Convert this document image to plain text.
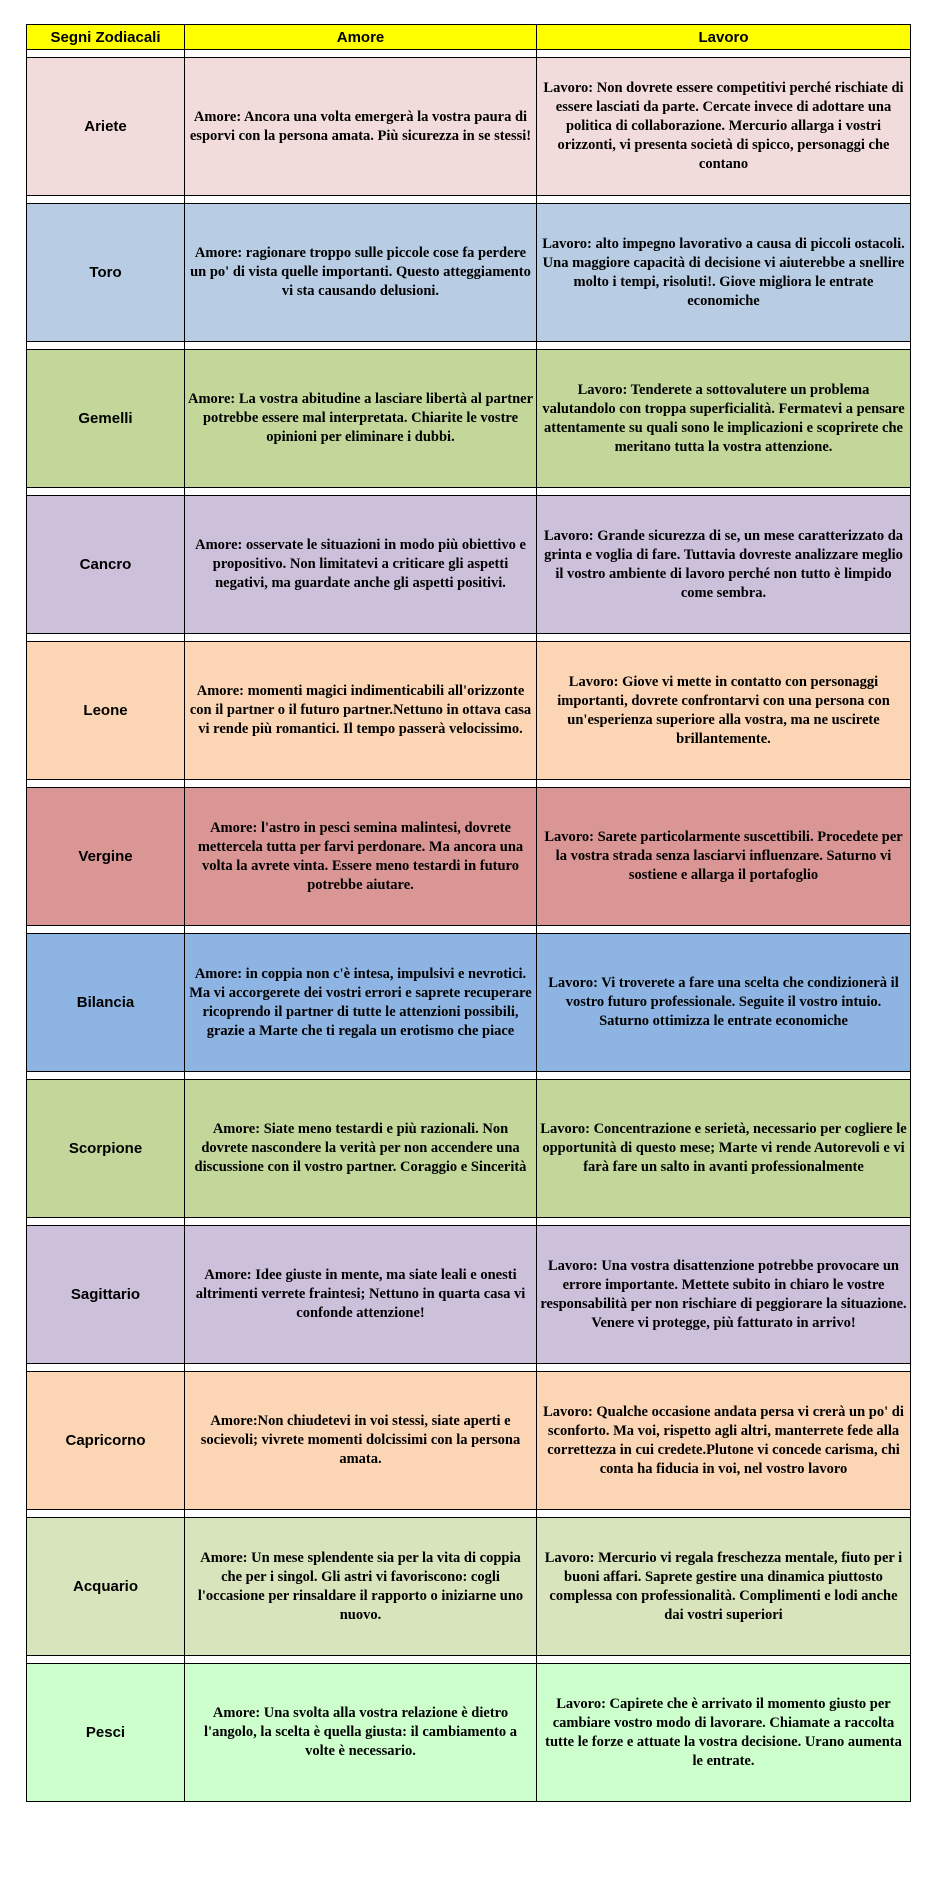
Segni Zodiacali	Amore	Lavoro

Ariete	Amore: Ancora una volta emergerà la vostra paura di esporvi con la persona amata. Più sicurezza in se stessi!	Lavoro: Non dovrete essere competitivi perché rischiate di essere lasciati da parte. Cercate invece di adottare una politica di collaborazione. Mercurio allarga i vostri orizzonti, vi presenta società di spicco, personaggi che contano

Toro	Amore: ragionare troppo sulle piccole cose fa perdere un po' di vista quelle importanti. Questo atteggiamento vi sta causando delusioni.	Lavoro: alto impegno lavorativo a causa di piccoli ostacoli. Una maggiore capacità di decisione vi aiuterebbe a snellire molto i tempi, risoluti!. Giove migliora le entrate economiche

Gemelli	Amore: La vostra abitudine a lasciare libertà al partner potrebbe essere mal interpretata. Chiarite le vostre opinioni per eliminare i dubbi.	Lavoro: Tenderete a sottovalutere un problema valutandolo con troppa superficialità. Fermatevi a pensare attentamente su quali sono le implicazioni e scoprirete che meritano tutta la vostra attenzione.

Cancro	Amore: osservate le situazioni in modo più obiettivo e propositivo. Non limitatevi a criticare gli aspetti negativi, ma guardate anche gli aspetti positivi.	Lavoro: Grande sicurezza di se, un mese caratterizzato da grinta e voglia di fare. Tuttavia dovreste analizzare meglio il vostro ambiente di lavoro perché non tutto è limpido come sembra.

Leone	Amore: momenti magici indimenticabili all'orizzonte con il partner o il futuro partner.Nettuno in ottava casa vi rende più romantici. Il tempo passerà velocissimo.	Lavoro: Giove vi mette in contatto con personaggi importanti, dovrete confrontarvi con una persona con un'esperienza superiore alla vostra, ma ne uscirete brillantemente.

Vergine	Amore: l'astro in pesci semina malintesi, dovrete mettercela tutta per farvi perdonare. Ma ancora una volta la avrete vinta. Essere meno testardi in futuro potrebbe aiutare.	Lavoro: Sarete particolarmente suscettibili. Procedete per la vostra strada senza lasciarvi influenzare. Saturno vi sostiene e allarga il portafoglio

Bilancia	Amore: in coppia non c'è intesa, impulsivi e nevrotici. Ma vi accorgerete dei vostri errori e saprete recuperare ricoprendo il partner di tutte le attenzioni possibili, grazie a Marte che ti regala un erotismo che piace	Lavoro: Vi troverete a fare una scelta che condizionerà il vostro futuro professionale. Seguite il vostro intuio. Saturno ottimizza le entrate economiche

Scorpione	Amore: Siate meno testardi e più razionali. Non dovrete nascondere la verità per non accendere una discussione con il vostro partner. Coraggio e Sincerità	Lavoro: Concentrazione e serietà, necessario per cogliere le opportunità di questo mese; Marte vi rende Autorevoli e vi farà fare un salto in avanti professionalmente

Sagittario	Amore: Idee giuste in mente, ma siate leali e onesti altrimenti verrete fraintesi; Nettuno in quarta casa vi confonde attenzione!	Lavoro: Una vostra disattenzione potrebbe provocare un errore importante. Mettete subito in chiaro le vostre responsabilità per non rischiare di peggiorare la situazione. Venere vi protegge, più fatturato in arrivo!

Capricorno	Amore:Non chiudetevi in voi stessi, siate aperti e socievoli; vivrete momenti dolcissimi con la persona amata.	Lavoro: Qualche occasione andata persa vi crerà un po' di sconforto. Ma voi, rispetto agli altri, manterrete fede alla correttezza in cui credete.Plutone vi concede carisma, chi conta ha fiducia in voi, nel vostro lavoro

Acquario	Amore: Un mese splendente sia per la vita di coppia che per i singol. Gli astri vi favoriscono: cogli l'occasione per rinsaldare il rapporto o iniziarne uno nuovo.	Lavoro: Mercurio vi regala freschezza mentale, fiuto per i buoni affari. Saprete gestire una dinamica piuttosto complessa con professionalità. Complimenti e lodi anche dai vostri superiori

Pesci	Amore: Una svolta alla vostra relazione è dietro l'angolo, la scelta è quella giusta: il cambiamento a volte è necessario.	Lavoro: Capirete che è arrivato il momento giusto per cambiare vostro modo di lavorare. Chiamate a raccolta tutte le forze e attuate la vostra decisione. Urano aumenta le entrate.
